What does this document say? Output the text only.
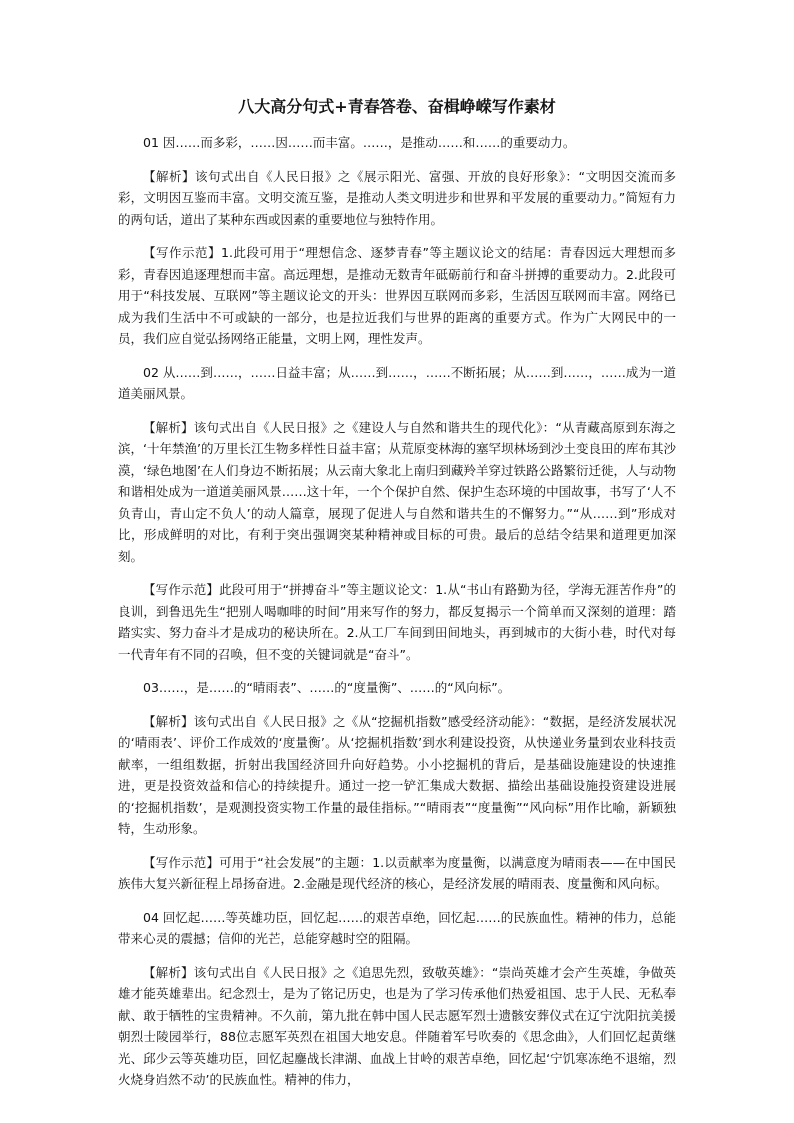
八大高分句式+青春答卷、奋楫峥嵘写作素材

01 因……而多彩，……因……而丰富。……，是推动……和……的重要动力。

【解析】该句式出自《人民日报》之《展示阳光、富强、开放的良好形象》：“文明因交流而多彩，文明因互鉴而丰富。文明交流互鉴，是推动人类文明进步和世界和平发展的重要动力。”简短有力的两句话，道出了某种东西或因素的重要地位与独特作用。

【写作示范】1.此段可用于“理想信念、逐梦青春”等主题议论文的结尾：青春因远大理想而多彩，青春因追逐理想而丰富。高远理想，是推动无数青年砥砺前行和奋斗拼搏的重要动力。2.此段可用于“科技发展、互联网”等主题议论文的开头：世界因互联网而多彩，生活因互联网而丰富。网络已成为我们生活中不可或缺的一部分，也是拉近我们与世界的距离的重要方式。作为广大网民中的一员，我们应自觉弘扬网络正能量，文明上网，理性发声。

02 从……到……，……日益丰富；从……到……，……不断拓展；从……到……，……成为一道道美丽风景。

【解析】该句式出自《人民日报》之《建设人与自然和谐共生的现代化》：“从青藏高原到东海之滨，‘十年禁渔’的万里长江生物多样性日益丰富；从荒原变林海的塞罕坝林场到沙土变良田的库布其沙漠，‘绿色地图’在人们身边不断拓展；从云南大象北上南归到藏羚羊穿过铁路公路繁衍迁徙，人与动物和谐相处成为一道道美丽风景……这十年，一个个保护自然、保护生态环境的中国故事，书写了‘人不负青山，青山定不负人’的动人篇章，展现了促进人与自然和谐共生的不懈努力。”“从……到”形成对比，形成鲜明的对比，有利于突出强调突某种精神或目标的可贵。最后的总结令结果和道理更加深刻。

【写作示范】此段可用于“拼搏奋斗”等主题议论文：1.从“书山有路勤为径，学海无涯苦作舟”的良训，到鲁迅先生“把别人喝咖啡的时间”用来写作的努力，都反复揭示一个简单而又深刻的道理：踏踏实实、努力奋斗才是成功的秘诀所在。2.从工厂车间到田间地头，再到城市的大街小巷，时代对每一代青年有不同的召唤，但不变的关键词就是“奋斗”。

03……，是……的“晴雨表”、……的“度量衡”、……的“风向标”。

【解析】该句式出自《人民日报》之《从“挖掘机指数”感受经济动能》：“数据，是经济发展状况的‘晴雨表’、评价工作成效的‘度量衡’。从‘挖掘机指数’到水利建设投资，从快递业务量到农业科技贡献率，一组组数据，折射出我国经济回升向好趋势。小小挖掘机的背后，是基础设施建设的快速推进，更是投资效益和信心的持续提升。通过一挖一铲汇集成大数据、描绘出基础设施投资建设进展的‘挖掘机指数’，是观测投资实物工作量的最佳指标。”“晴雨表”“度量衡”“风向标”用作比喻，新颖独特，生动形象。

【写作示范】可用于“社会发展”的主题：1.以贡献率为度量衡，以满意度为晴雨表——在中国民族伟大复兴新征程上昂扬奋进。2.金融是现代经济的核心，是经济发展的晴雨表、度量衡和风向标。

04 回忆起……等英雄功臣，回忆起……的艰苦卓绝，回忆起……的民族血性。精神的伟力，总能带来心灵的震撼；信仰的光芒，总能穿越时空的阻隔。

【解析】该句式出自《人民日报》之《追思先烈，致敬英雄》：“崇尚英雄才会产生英雄，争做英雄才能英雄辈出。纪念烈士，是为了铭记历史，也是为了学习传承他们热爱祖国、忠于人民、无私奉献、敢于牺牲的宝贵精神。不久前，第九批在韩中国人民志愿军烈士遗骸安葬仪式在辽宁沈阳抗美援朝烈士陵园举行，88位志愿军英烈在祖国大地安息。伴随着军号吹奏的《思念曲》，人们回忆起黄继光、邱少云等英雄功臣，回忆起鏖战长津湖、血战上甘岭的艰苦卓绝，回忆起‘宁饥寒冻绝不退缩，烈火烧身岿然不动’的民族血性。精神的伟力，
